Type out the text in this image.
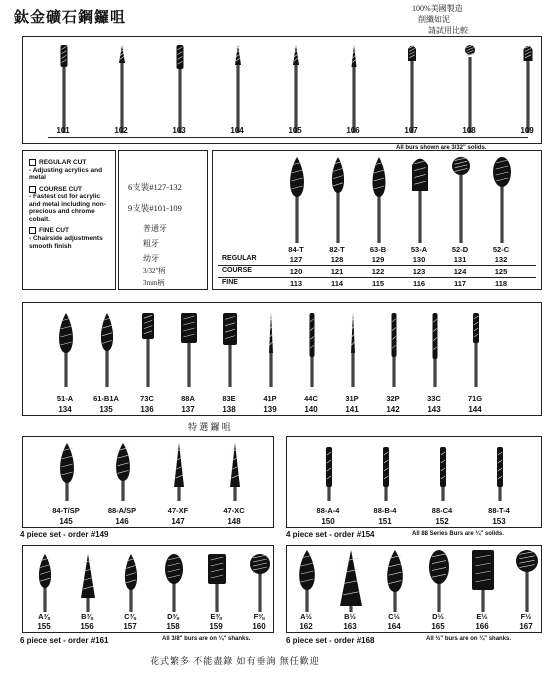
鈦金礦石鋼鑼咀
100%美國製造
削纖如泥
請試用比較
101	102	103	104	105	106	107	108	109
All burs shown are 3/32" solids.
REGULAR CUT
- Adjusting acrylics and metal
COURSE CUT
- Fastest cut for acrylic and metal including non-precious and chrome cobalt.
FINE CUT
- Chairside adjustments smooth finish
6支裝#127-132
9支裝#101-109
普通牙
粗牙
幼牙
3/32"柄
3mm柄
84-T	82-T	63-B	53-A	52-D	52-C
REGULAR	127	128	129	130	131	132
COURSE	120	121	122	123	124	125
FINE	113	114	115	116	117	118
51-A	61-B1A	73C	88A	83E	41P	44C	31P	32P	33C	71G
134	135	136	137	138	139	140	141	142	143	144
特 選 鑼 咀
84-T/SP	88-A/SP	47-XF	47-XC
145	146	147	148
4 piece set - order #149
88-A-4	88-B-4	88-C4	88-T-4
150	151	152	153
4 piece set - order #154	All 88 Series Burs are ¼" solids.
A⅜	B⅜	C⅜	D⅜	E⅜	F⅜
155	156	157	158	159	160
6 piece set - order #161	All 3/8" burs are on ¼" shanks.
A½	B½	C½	D½	E½	F½
162	163	164	165	166	167
6 piece set - order #168	All ½" burs are on ¼" shanks.
花式繁多 不能盡錄 如有垂詢 無任歡迎
